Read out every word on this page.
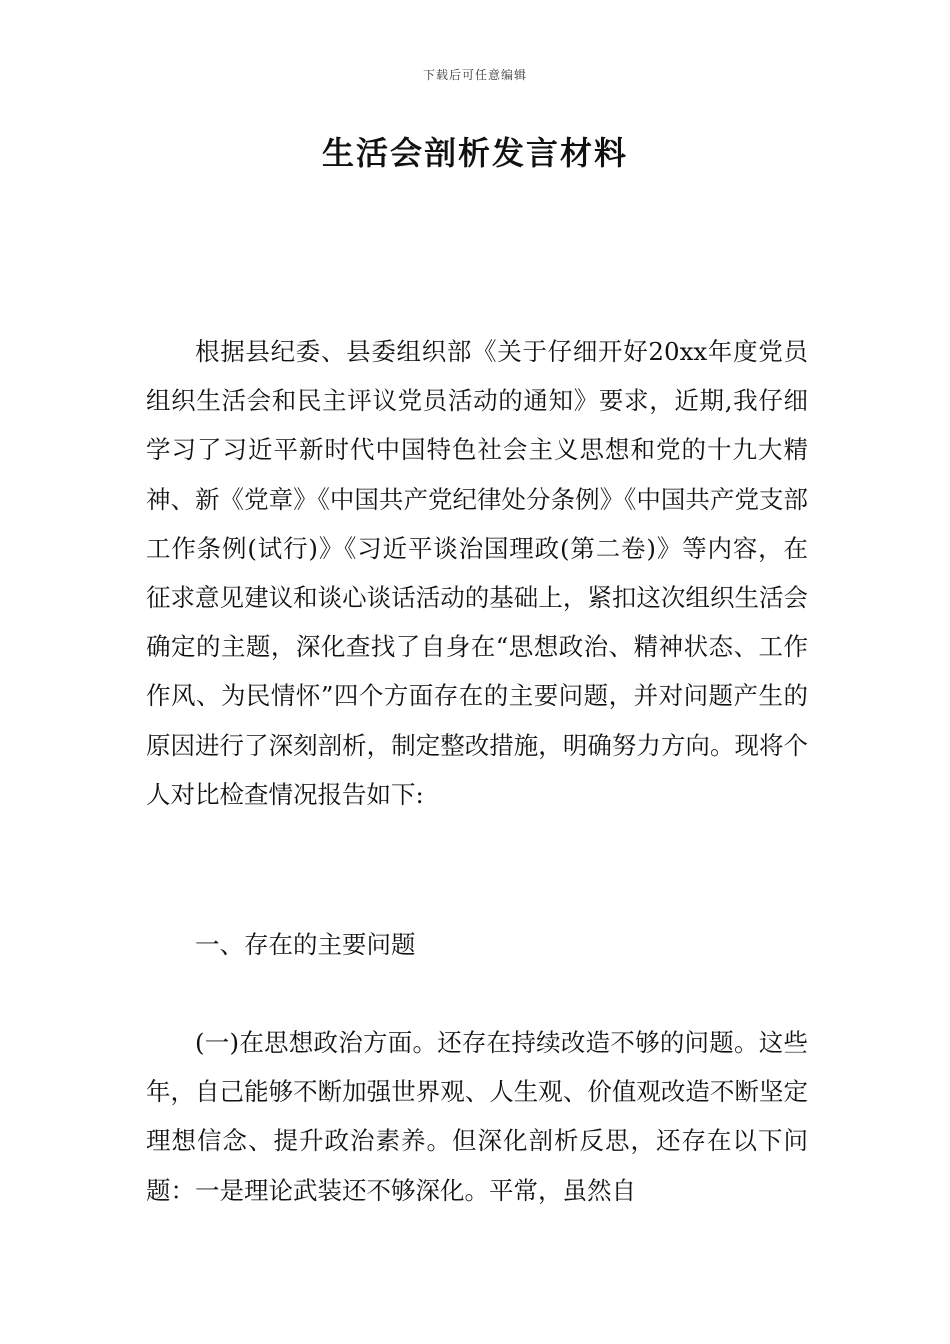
下载后可任意编辑
生活会剖析发言材料

根据县纪委、县委组织部《关于仔细开好20xx年度党员组织生活会和民主评议党员活动的通知》要求，近期,我仔细学习了习近平新时代中国特色社会主义思想和党的十九大精神、新《党章》《中国共产党纪律处分条例》《中国共产党支部工作条例(试行)》《习近平谈治国理政(第二卷)》等内容，在征求意见建议和谈心谈话活动的基础上，紧扣这次组织生活会确定的主题，深化查找了自身在“思想政治、精神状态、工作作风、为民情怀”四个方面存在的主要问题，并对问题产生的原因进行了深刻剖析，制定整改措施，明确努力方向。现将个人对比检查情况报告如下:

一、存在的主要问题

(一)在思想政治方面。还存在持续改造不够的问题。这些年，自己能够不断加强世界观、人生观、价值观改造不断坚定理想信念、提升政治素养。但深化剖析反思，还存在以下问题：一是理论武装还不够深化。平常，虽然自
